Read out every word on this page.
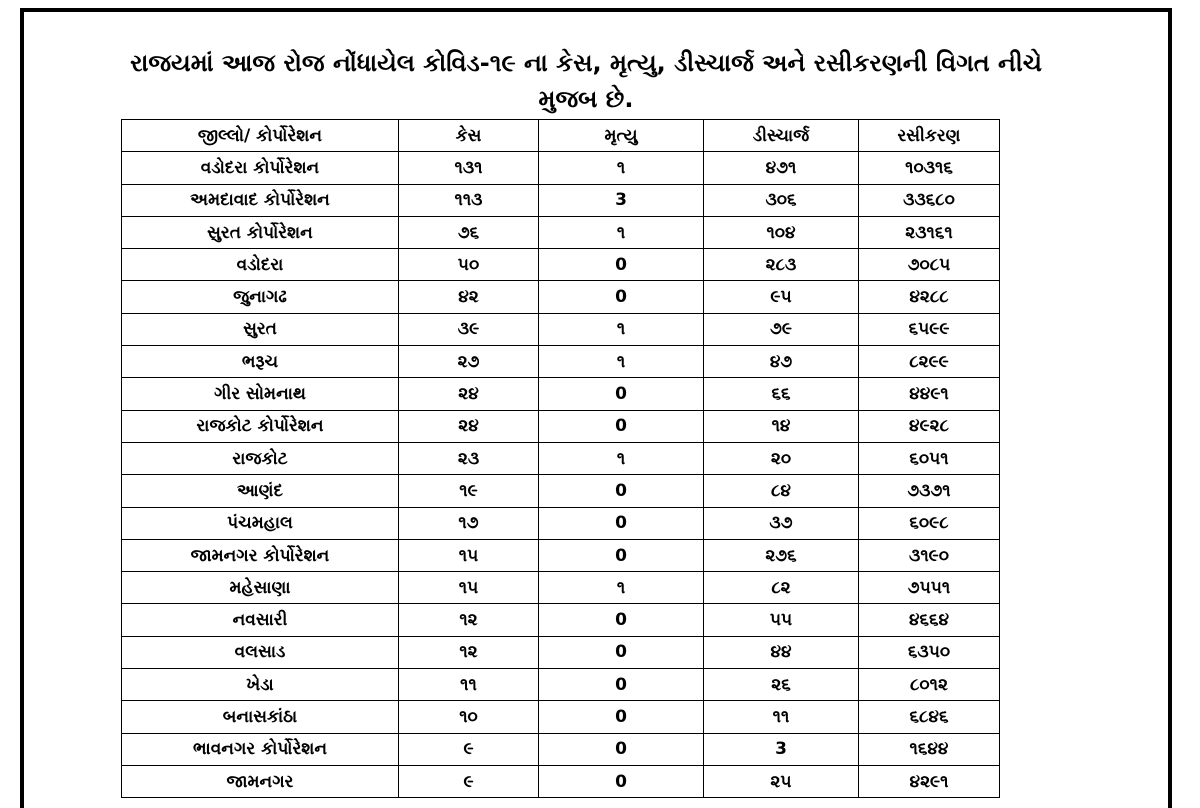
રાજયમાં આજ રોજ નોંધાયેલ કોવિડ-૧૯ ના કેસ, મૃત્યુ, ડીસ્ચાર્જ અને રસીકરણની વિગત નીચે
મુજબ છે.
જીલ્લો/ કોર્પોરેશન	કેસ	મૃત્યુ	ડીસ્ચાર્જ	રસીકરણ
વડોદરા કોર્પોરેશન	૧૩૧	૧	૪૭૧	૧૦૩૧૬
અમદાવાદ કોર્પોરેશન	૧૧૩	3	૩૦૬	૩૩૬૮૦
સુરત કોર્પોરેશન	૭૬	૧	૧૦૪	૨૩૧૬૧
વડોદરા	૫૦	0	૨૮૩	૭૦૮૫
જુનાગઢ	૪૨	0	૯૫	૪૨૮૮
સુરત	૩૯	૧	૭૯	૬૫૯૯
ભરૂચ	૨૭	૧	૪૭	૮૨૯૯
ગીર સોમનાથ	૨૪	0	૬૬	૪૪૯૧
રાજકોટ કોર્પોરેશન	૨૪	0	૧૪	૪૯૨૮
રાજકોટ	૨૩	૧	૨૦	૬૦૫૧
આણંદ	૧૯	0	૮૪	૭૩૭૧
પંચમહાલ	૧૭	0	૩૭	૬૦૯૮
જામનગર કોર્પોરેશન	૧૫	0	૨૭૬	૩૧૯૦
મહેસાણા	૧૫	૧	૮૨	૭૫૫૧
નવસારી	૧૨	0	૫૫	૪૬૬૪
વલસાડ	૧૨	0	૪૪	૬૩૫૦
ખેડા	૧૧	0	૨૬	૮૦૧૨
બનાસકાંઠા	૧૦	0	૧૧	૬૮૪૬
ભાવનગર કોર્પોરેશન	૯	0	3	૧૬૪૪
જામનગર	૯	0	૨૫	૪૨૯૧
